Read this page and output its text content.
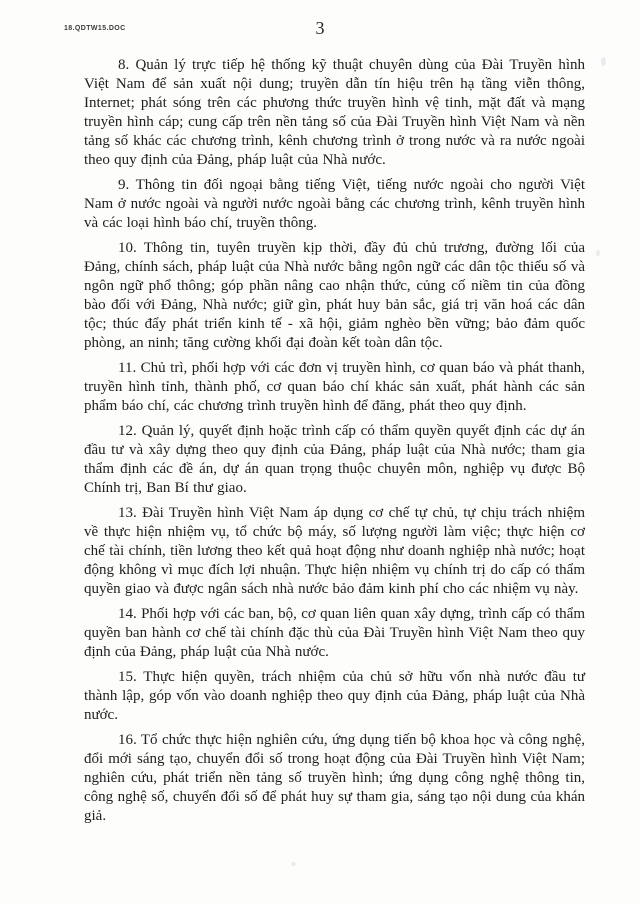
18.QDTW15.DOC	3

8. Quản lý trực tiếp hệ thống kỹ thuật chuyên dùng của Đài Truyền hình Việt Nam để sản xuất nội dung; truyền dẫn tín hiệu trên hạ tầng viễn thông, Internet; phát sóng trên các phương thức truyền hình vệ tinh, mặt đất và mạng truyền hình cáp; cung cấp trên nền tảng số của Đài Truyền hình Việt Nam và nền tảng số khác các chương trình, kênh chương trình ở trong nước và ra nước ngoài theo quy định của Đảng, pháp luật của Nhà nước.

9. Thông tin đối ngoại bằng tiếng Việt, tiếng nước ngoài cho người Việt Nam ở nước ngoài và người nước ngoài bằng các chương trình, kênh truyền hình và các loại hình báo chí, truyền thông.

10. Thông tin, tuyên truyền kịp thời, đầy đủ chủ trương, đường lối của Đảng, chính sách, pháp luật của Nhà nước bằng ngôn ngữ các dân tộc thiểu số và ngôn ngữ phổ thông; góp phần nâng cao nhận thức, củng cố niềm tin của đồng bào đối với Đảng, Nhà nước; giữ gìn, phát huy bản sắc, giá trị văn hoá các dân tộc; thúc đẩy phát triển kinh tế - xã hội, giảm nghèo bền vững; bảo đảm quốc phòng, an ninh; tăng cường khối đại đoàn kết toàn dân tộc.

11. Chủ trì, phối hợp với các đơn vị truyền hình, cơ quan báo và phát thanh, truyền hình tỉnh, thành phố, cơ quan báo chí khác sản xuất, phát hành các sản phẩm báo chí, các chương trình truyền hình để đăng, phát theo quy định.

12. Quản lý, quyết định hoặc trình cấp có thẩm quyền quyết định các dự án đầu tư và xây dựng theo quy định của Đảng, pháp luật của Nhà nước; tham gia thẩm định các đề án, dự án quan trọng thuộc chuyên môn, nghiệp vụ được Bộ Chính trị, Ban Bí thư giao.

13. Đài Truyền hình Việt Nam áp dụng cơ chế tự chủ, tự chịu trách nhiệm về thực hiện nhiệm vụ, tổ chức bộ máy, số lượng người làm việc; thực hiện cơ chế tài chính, tiền lương theo kết quả hoạt động như doanh nghiệp nhà nước; hoạt động không vì mục đích lợi nhuận. Thực hiện nhiệm vụ chính trị do cấp có thẩm quyền giao và được ngân sách nhà nước bảo đảm kinh phí cho các nhiệm vụ này.

14. Phối hợp với các ban, bộ, cơ quan liên quan xây dựng, trình cấp có thẩm quyền ban hành cơ chế tài chính đặc thù của Đài Truyền hình Việt Nam theo quy định của Đảng, pháp luật của Nhà nước.

15. Thực hiện quyền, trách nhiệm của chủ sở hữu vốn nhà nước đầu tư thành lập, góp vốn vào doanh nghiệp theo quy định của Đảng, pháp luật của Nhà nước.

16. Tổ chức thực hiện nghiên cứu, ứng dụng tiến bộ khoa học và công nghệ, đổi mới sáng tạo, chuyển đổi số trong hoạt động của Đài Truyền hình Việt Nam; nghiên cứu, phát triển nền tảng số truyền hình; ứng dụng công nghệ thông tin, công nghệ số, chuyển đổi số để phát huy sự tham gia, sáng tạo nội dung của khán giả.
